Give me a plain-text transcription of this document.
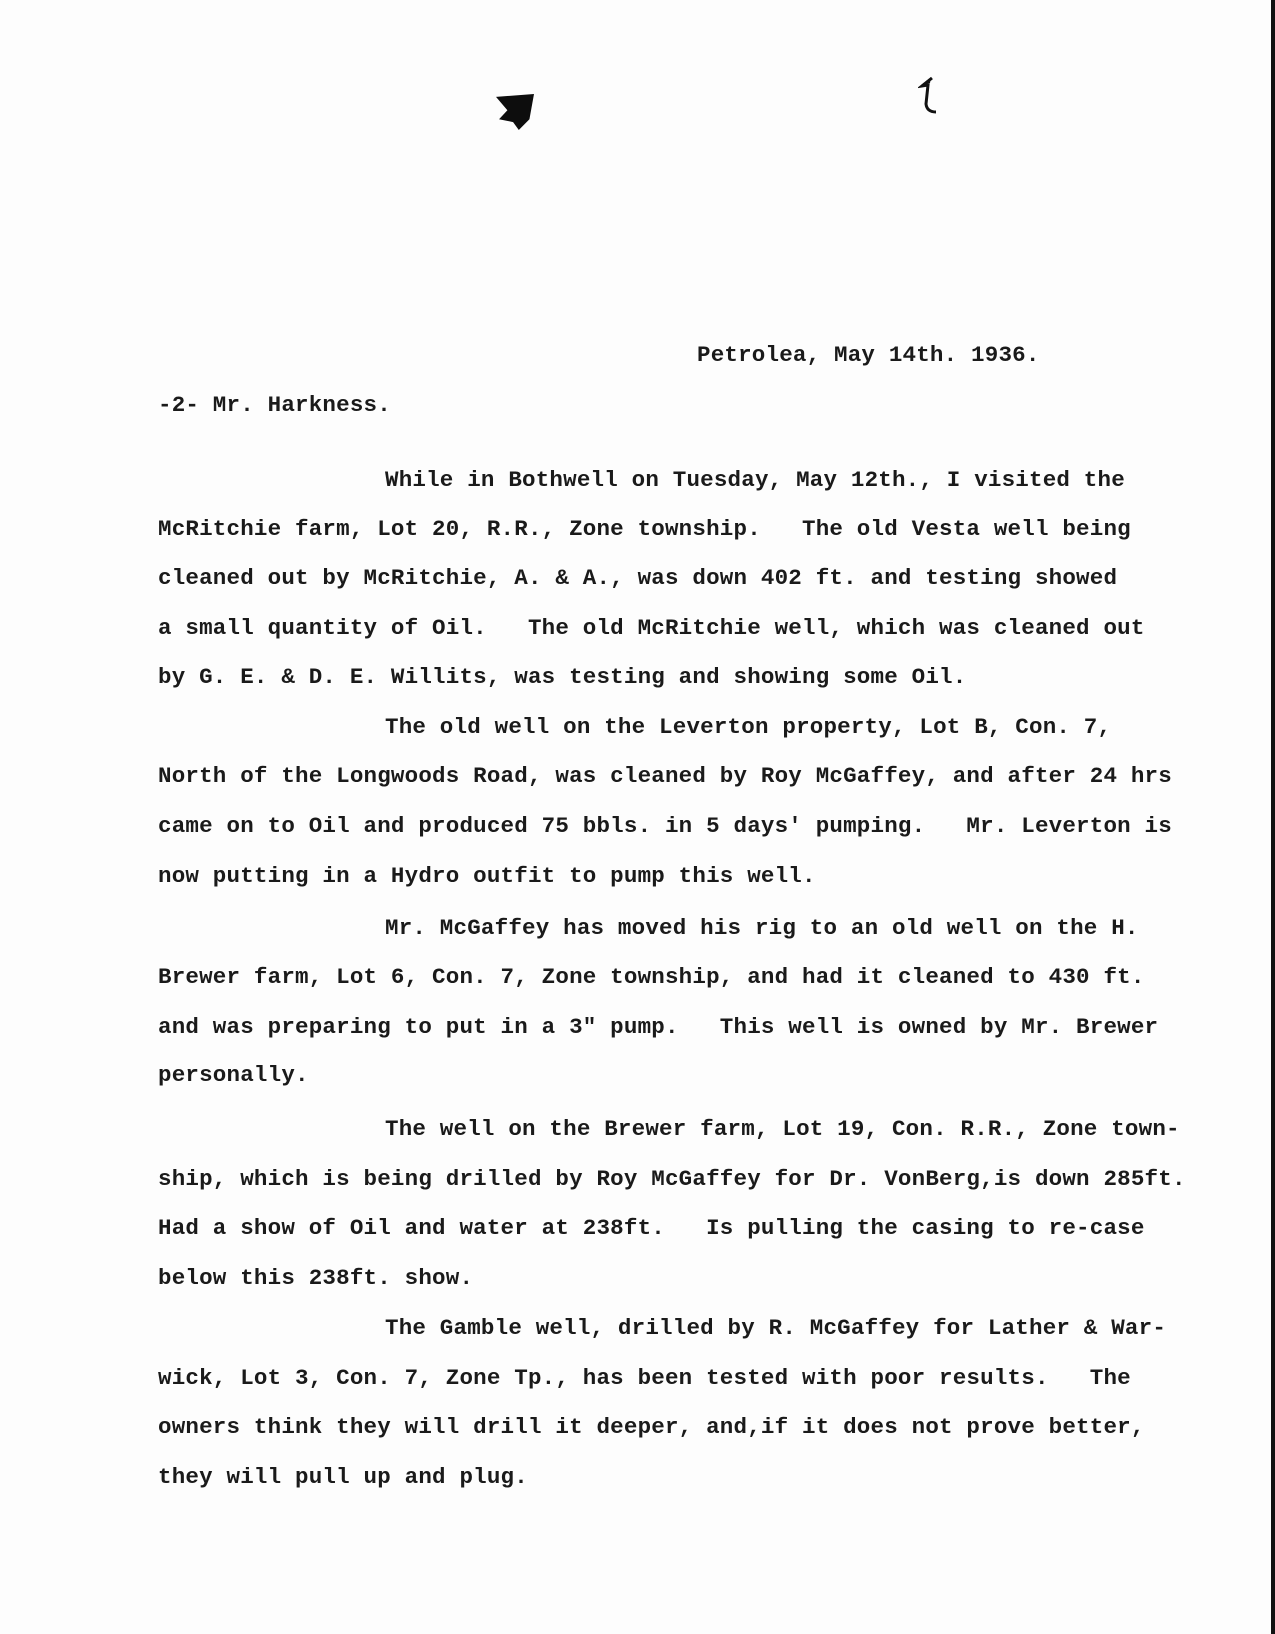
Petrolea, May 14th. 1936.
-2- Mr. Harkness.
While in Bothwell on Tuesday, May 12th., I visited the
McRitchie farm, Lot 20, R.R., Zone township.   The old Vesta well being
cleaned out by McRitchie, A. & A., was down 402 ft. and testing showed
a small quantity of Oil.   The old McRitchie well, which was cleaned out
by G. E. & D. E. Willits, was testing and showing some Oil.
The old well on the Leverton property, Lot B, Con. 7,
North of the Longwoods Road, was cleaned by Roy McGaffey, and after 24 hrs
came on to Oil and produced 75 bbls. in 5 days' pumping.   Mr. Leverton is
now putting in a Hydro outfit to pump this well.
Mr. McGaffey has moved his rig to an old well on the H.
Brewer farm, Lot 6, Con. 7, Zone township, and had it cleaned to 430 ft.
and was preparing to put in a 3" pump.   This well is owned by Mr. Brewer
personally.
The well on the Brewer farm, Lot 19, Con. R.R., Zone town-
ship, which is being drilled by Roy McGaffey for Dr. VonBerg,is down 285ft.
Had a show of Oil and water at 238ft.   Is pulling the casing to re-case
below this 238ft. show.
The Gamble well, drilled by R. McGaffey for Lather & War-
wick, Lot 3, Con. 7, Zone Tp., has been tested with poor results.   The
owners think they will drill it deeper, and,if it does not prove better,
they will pull up and plug.
